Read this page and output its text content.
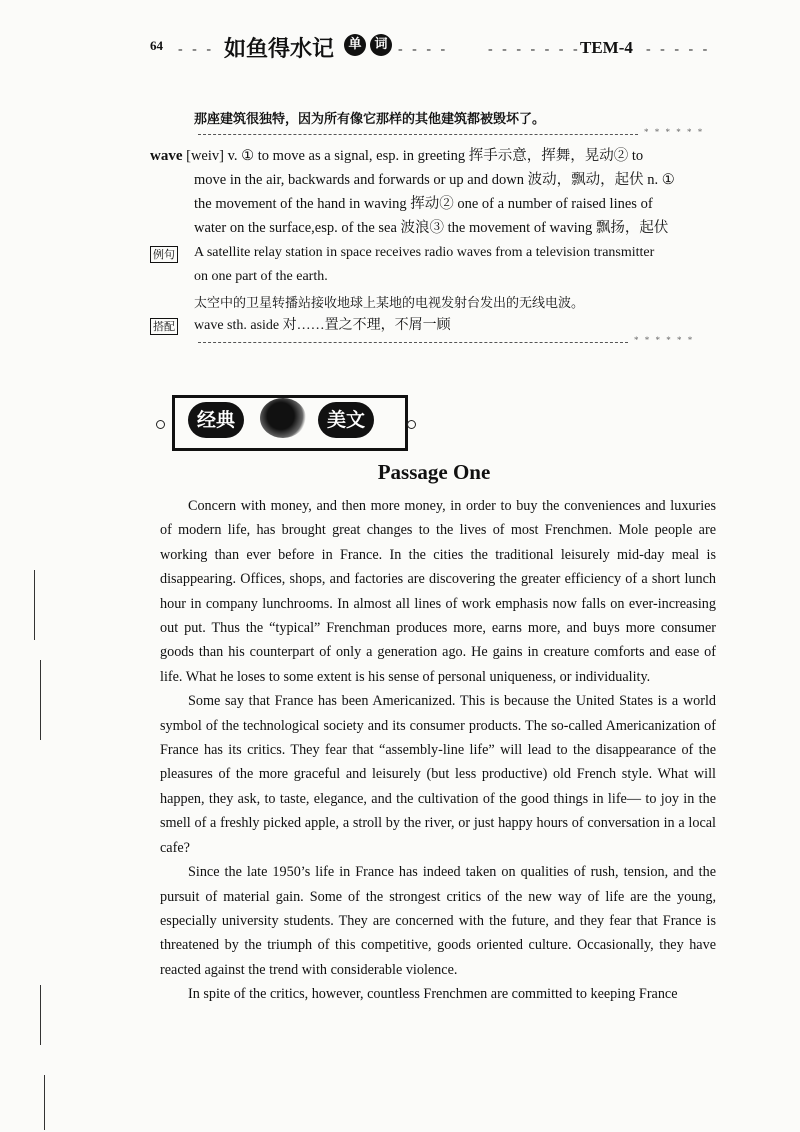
64 - - - 如鱼得水记	单 词 - - - -	- - - - - - - TEM-4 - - - - -
那座建筑很独特，因为所有像它那样的其他建筑都被毁坏了。
* * * * * *
wave [weiv] v. ① to move as a signal, esp. in greeting 挥手示意，挥舞，晃动② to
move in the air, backwards and forwards or up and down 波动，飘动，起伏 n. ①
the movement of the hand in waving 挥动② one of a number of raised lines of
water on the surface,esp. of the sea 波浪③ the movement of waving 飘扬，起伏
例句 A satellite relay station in space receives radio waves from a television transmitter
on one part of the earth.
太空中的卫星转播站接收地球上某地的电视发射台发出的无线电波。
搭配 wave sth. aside 对……置之不理，不屑一顾
* * * * * *
经典	美文
Passage One

Concern with money, and then more money, in order to buy the conveniences and luxuries of modern life, has brought great changes to the lives of most Frenchmen. Mole people are working than ever before in France. In the cities the traditional leisurely mid-day meal is disappearing. Offices, shops, and factories are discovering the greater efficiency of a short lunch hour in company lunchrooms. In almost all lines of work emphasis now falls on ever-increasing out put. Thus the “typical” Frenchman produces more, earns more, and buys more consumer goods than his counterpart of only a generation ago. He gains in creature comforts and ease of life. What he loses to some extent is his sense of personal uniqueness, or individuality.

Some say that France has been Americanized. This is because the United States is a world symbol of the technological society and its consumer products. The so-called Americanization of France has its critics. They fear that “assembly-line life” will lead to the disappearance of the pleasures of the more graceful and leisurely (but less productive) old French style. What will happen, they ask, to taste, elegance, and the cultivation of the good things in life— to joy in the smell of a freshly picked apple, a stroll by the river, or just happy hours of conversation in a local cafe?

Since the late 1950’s life in France has indeed taken on qualities of rush, tension, and the pursuit of material gain. Some of the strongest critics of the new way of life are the young, especially university students. They are concerned with the future, and they fear that France is threatened by the triumph of this competitive, goods oriented culture. Occasionally, they have reacted against the trend with considerable violence.

In spite of the critics, however, countless Frenchmen are committed to keeping France
